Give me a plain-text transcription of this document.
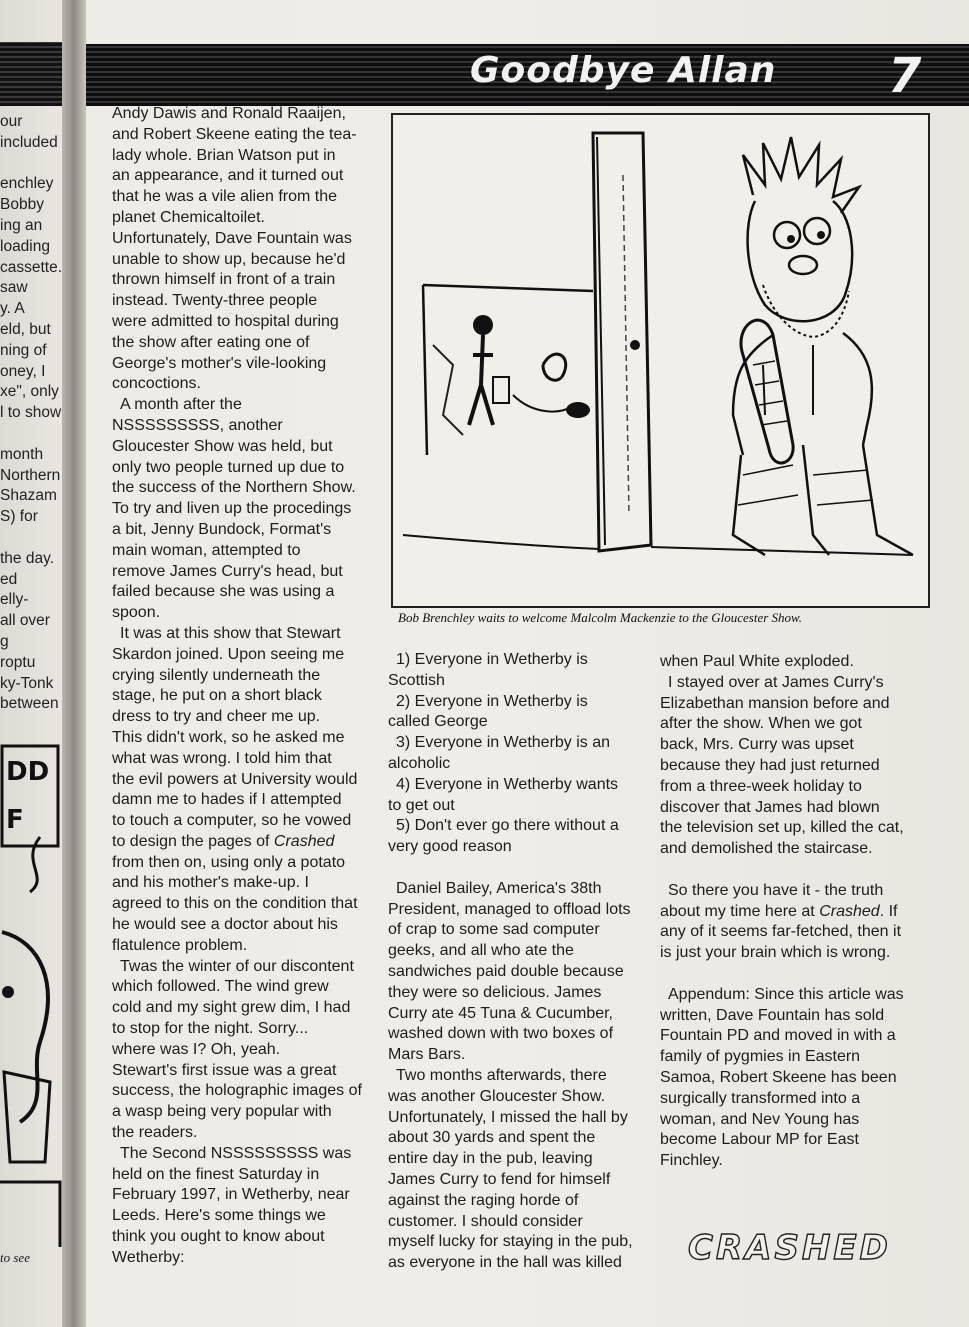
our
included
enchley
Bobby
ing an
loading
cassette.
saw
y. A
eld, but
ning of
oney, I
xe", only
l to show
month
Northern
Shazam
S) for
the day.
ed
elly-
all over
g
roptu
ky-Tonk
between
DD
F
to see
Goodbye Allan 7

Andy Dawis and Ronald Raaijen,

and Robert Skeene eating the tea-

lady whole. Brian Watson put in

an appearance, and it turned out

that he was a vile alien from the

planet Chemicaltoilet.

Unfortunately, Dave Fountain was

unable to show up, because he'd

thrown himself in front of a train

instead. Twenty-three people

were admitted to hospital during

the show after eating one of

George's mother's vile-looking

concoctions.

A month after the

NSSSSSSSSS, another

Gloucester Show was held, but

only two people turned up due to

the success of the Northern Show.

To try and liven up the procedings

a bit, Jenny Bundock, Format's

main woman, attempted to

remove James Curry's head, but

failed because she was using a

spoon.

It was at this show that Stewart

Skardon joined. Upon seeing me

crying silently underneath the

stage, he put on a short black

dress to try and cheer me up.

This didn't work, so he asked me

what was wrong. I told him that

the evil powers at University would

damn me to hades if I attempted

to touch a computer, so he vowed

to design the pages of Crashed

from then on, using only a potato

and his mother's make-up. I

agreed to this on the condition that

he would see a doctor about his

flatulence problem.

Twas the winter of our discontent

which followed. The wind grew

cold and my sight grew dim, I had

to stop for the night. Sorry...

where was I? Oh, yeah.

Stewart's first issue was a great

success, the holographic images of

a wasp being very popular with

the readers.

The Second NSSSSSSSSS was

held on the finest Saturday in

February 1997, in Wetherby, near

Leeds. Here's some things we

think you ought to know about

Wetherby:

1) Everyone in Wetherby is

Scottish

2) Everyone in Wetherby is

called George

3) Everyone in Wetherby is an

alcoholic

4) Everyone in Wetherby wants

to get out

5) Don't ever go there without a

very good reason

Daniel Bailey, America's 38th

President, managed to offload lots

of crap to some sad computer

geeks, and all who ate the

sandwiches paid double because

they were so delicious. James

Curry ate 45 Tuna & Cucumber,

washed down with two boxes of

Mars Bars.

Two months afterwards, there

was another Gloucester Show.

Unfortunately, I missed the hall by

about 30 yards and spent the

entire day in the pub, leaving

James Curry to fend for himself

against the raging horde of

customer. I should consider

myself lucky for staying in the pub,

as everyone in the hall was killed

when Paul White exploded.

I stayed over at James Curry's

Elizabethan mansion before and

after the show. When we got

back, Mrs. Curry was upset

because they had just returned

from a three-week holiday to

discover that James had blown

the television set up, killed the cat,

and demolished the staircase.

So there you have it - the truth

about my time here at Crashed. If

any of it seems far-fetched, then it

is just your brain which is wrong.

Appendum: Since this article was

written, Dave Fountain has sold

Fountain PD and moved in with a

family of pygmies in Eastern

Samoa, Robert Skeene has been

surgically transformed into a

woman, and Nev Young has

become Labour MP for East

Finchley.

Bob Brenchley waits to welcome Malcolm Mackenzie to the Gloucester Show.
CRASHED
